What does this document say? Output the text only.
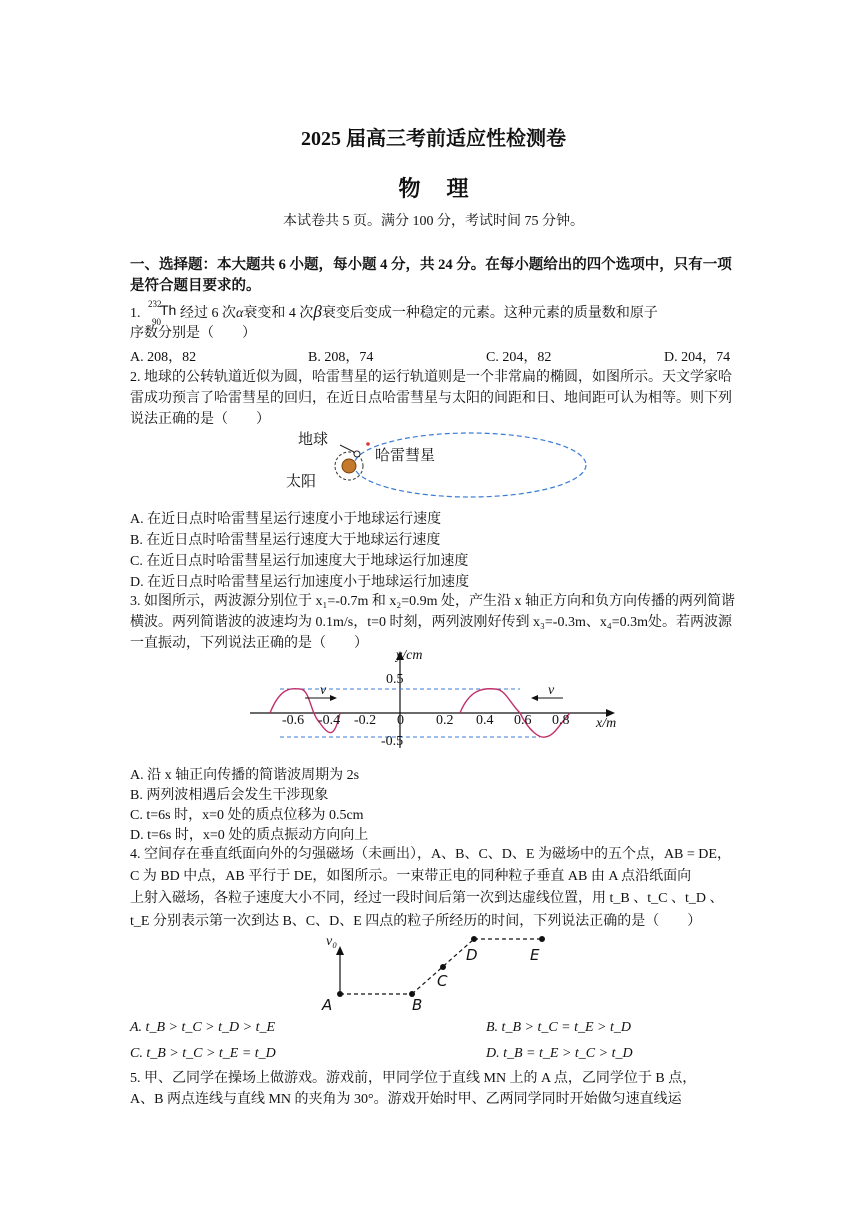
2025 届高三考前适应性检测卷
物理
本试卷共 5 页。满分 100 分，考试时间 75 分钟。
一、选择题：本大题共 6 小题，每小题 4 分，共 24 分。在每小题给出的四个选项中，只有一项是符合题目要求的。
1.
232
90
Th 经过 6 次α衰变和 4 次β衰变后变成一种稳定的元素。这种元素的质量数和原子
序数分别是（　　）
A. 208，82	B. 208，74	C. 204，82	D. 204，74
2. 地球的公转轨道近似为圆，哈雷彗星的运行轨道则是一个非常扁的椭圆，如图所示。天文学家哈雷成功预言了哈雷彗星的回归，在近日点哈雷彗星与太阳的间距和日、地间距可认为相等。则下列说法正确的是（　　）
地球
哈雷彗星
太阳
A. 在近日点时哈雷彗星运行速度小于地球运行速度
B. 在近日点时哈雷彗星运行速度大于地球运行速度
C. 在近日点时哈雷彗星运行加速度大于地球运行加速度
D. 在近日点时哈雷彗星运行加速度小于地球运行加速度
3. 如图所示，两波源分别位于 x₁=-0.7m 和 x₂=0.9m 处，产生沿 x 轴正方向和负方向传播的两列简谐横波。两列简谐波的波速均为 0.1m/s，t=0 时刻，两列波刚好传到 x₃=-0.3m、x₄=0.3m处。若两波源一直振动，下列说法正确的是（　　）
y/cm
x/m
v	v
0.5
-0.5
-0.6 -0.4 -0.2 0 0.2 0.4 0.6 0.8
A. 沿 x 轴正向传播的简谐波周期为 2s
B. 两列波相遇后会发生干涉现象
C. t=6s 时，x=0 处的质点位移为 0.5cm
D. t=6s 时，x=0 处的质点振动方向向上
4. 空间存在垂直纸面向外的匀强磁场（未画出），A、B、C、D、E 为磁场中的五个点，AB = DE，
C 为 BD 中点，AB 平行于 DE，如图所示。一束带正电的同种粒子垂直 AB 由 A 点沿纸面向
上射入磁场，各粒子速度大小不同，经过一段时间后第一次到达虚线位置，用 t_B 、t_C 、t_D 、
t_E 分别表示第一次到达 B、C、D、E 四点的粒子所经历的时间，下列说法正确的是（　　）
v₀
A	B
C
D	E
A. t_B > t_C > t_D > t_E	B. t_B > t_C = t_E > t_D
C. t_B > t_C > t_E = t_D	D. t_B = t_E > t_C > t_D
5. 甲、乙同学在操场上做游戏。游戏前，甲同学位于直线 MN 上的 A 点，乙同学位于 B 点，
A、B 两点连线与直线 MN 的夹角为 30°。游戏开始时甲、乙两同学同时开始做匀速直线运
